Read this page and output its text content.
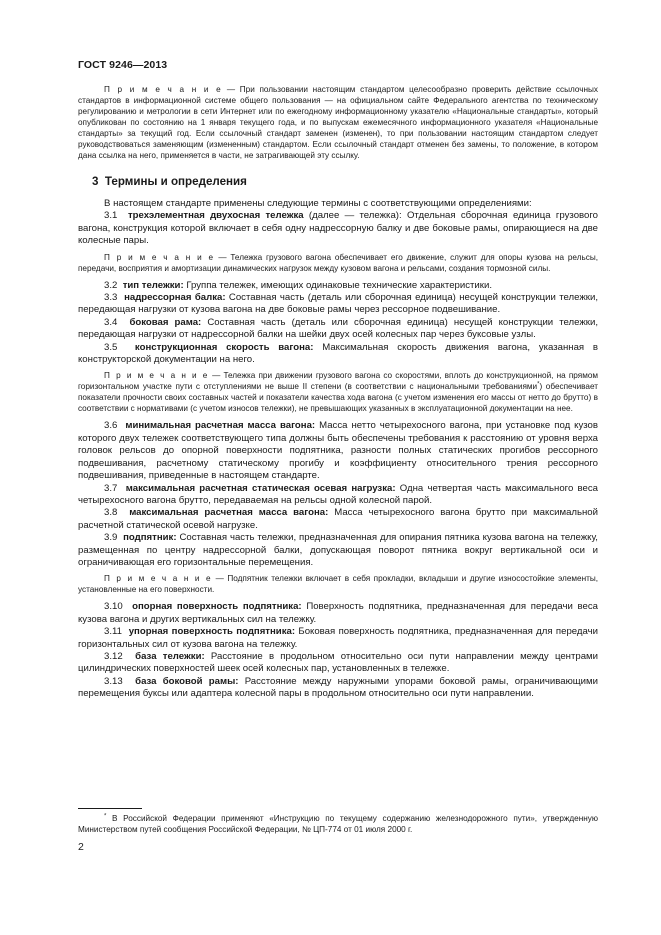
ГОСТ 9246—2013

П р и м е ч а н и е — При пользовании настоящим стандартом целесообразно проверить действие ссылочных стандартов в информационной системе общего пользования — на официальном сайте Федерального агентства по техническому регулированию и метрологии в сети Интернет или по ежегодному информационному указателю «Национальные стандарты», который опубликован по состоянию на 1 января текущего года, и по выпускам ежемесячного информационного указателя «Национальные стандарты» за текущий год. Если ссылочный стандарт заменен (изменен), то при пользовании настоящим стандартом следует руководствоваться заменяющим (измененным) стандартом. Если ссылочный стандарт отменен без замены, то положение, в котором дана ссылка на него, применяется в части, не затрагивающей эту ссылку.

3 Термины и определения

В настоящем стандарте применены следующие термины с соответствующими определениями:

3.1 трехэлементная двухосная тележка (далее — тележка): Отдельная сборочная единица грузового вагона, конструкция которой включает в себя одну надрессорную балку и две боковые рамы, опирающиеся на две колесные пары.

П р и м е ч а н и е — Тележка грузового вагона обеспечивает его движение, служит для опоры кузова на рельсы, передачи, восприятия и амортизации динамических нагрузок между кузовом вагона и рельсами, создания тормозной силы.

3.2 тип тележки: Группа тележек, имеющих одинаковые технические характеристики.

3.3 надрессорная балка: Составная часть (деталь или сборочная единица) несущей конструкции тележки, передающая нагрузки от кузова вагона на две боковые рамы через рессорное подвешивание.

3.4 боковая рама: Составная часть (деталь или сборочная единица) несущей конструкции тележки, передающая нагрузки от надрессорной балки на шейки двух осей колесных пар через буксовые узлы.

3.5 конструкционная скорость вагона: Максимальная скорость движения вагона, указанная в конструкторской документации на него.

П р и м е ч а н и е — Тележка при движении грузового вагона со скоростями, вплоть до конструкционной, на прямом горизонтальном участке пути с отступлениями не выше II степени (в соответствии с национальными требованиями*) обеспечивает показатели прочности своих составных частей и показатели качества хода вагона (с учетом изменения его массы от нетто до брутто) в соответствии с нормативами (с учетом износов тележки), не превышающих указанных в эксплуатационной документации на нее.

3.6 минимальная расчетная масса вагона: Масса нетто четырехосного вагона, при установке под кузов которого двух тележек соответствующего типа должны быть обеспечены требования к расстоянию от уровня верха головок рельсов до опорной поверхности подпятника, разности полных статических прогибов рессорного подвешивания, расчетному статическому прогибу и коэффициенту относительного трения рессорного подвешивания, приведенные в настоящем стандарте.

3.7 максимальная расчетная статическая осевая нагрузка: Одна четвертая часть максимального веса четырехосного вагона брутто, передаваемая на рельсы одной колесной парой.

3.8 максимальная расчетная масса вагона: Масса четырехосного вагона брутто при максимальной расчетной статической осевой нагрузке.

3.9 подпятник: Составная часть тележки, предназначенная для опирания пятника кузова вагона на тележку, размещенная по центру надрессорной балки, допускающая поворот пятника вокруг вертикальной оси и ограничивающая его горизонтальные перемещения.

П р и м е ч а н и е — Подпятник тележки включает в себя прокладки, вкладыши и другие износостойкие элементы, установленные на его поверхности.

3.10 опорная поверхность подпятника: Поверхность подпятника, предназначенная для передачи веса кузова вагона и других вертикальных сил на тележку.

3.11 упорная поверхность подпятника: Боковая поверхность подпятника, предназначенная для передачи горизонтальных сил от кузова вагона на тележку.

3.12 база тележки: Расстояние в продольном относительно оси пути направлении между центрами цилиндрических поверхностей шеек осей колесных пар, установленных в тележке.

3.13 база боковой рамы: Расстояние между наружными упорами боковой рамы, ограничивающими перемещения буксы или адаптера колесной пары в продольном относительно оси пути направлении.

* В Российской Федерации применяют «Инструкцию по текущему содержанию железнодорожного пути», утвержденную Министерством путей сообщения Российской Федерации, № ЦП-774 от 01 июля 2000 г.
2
